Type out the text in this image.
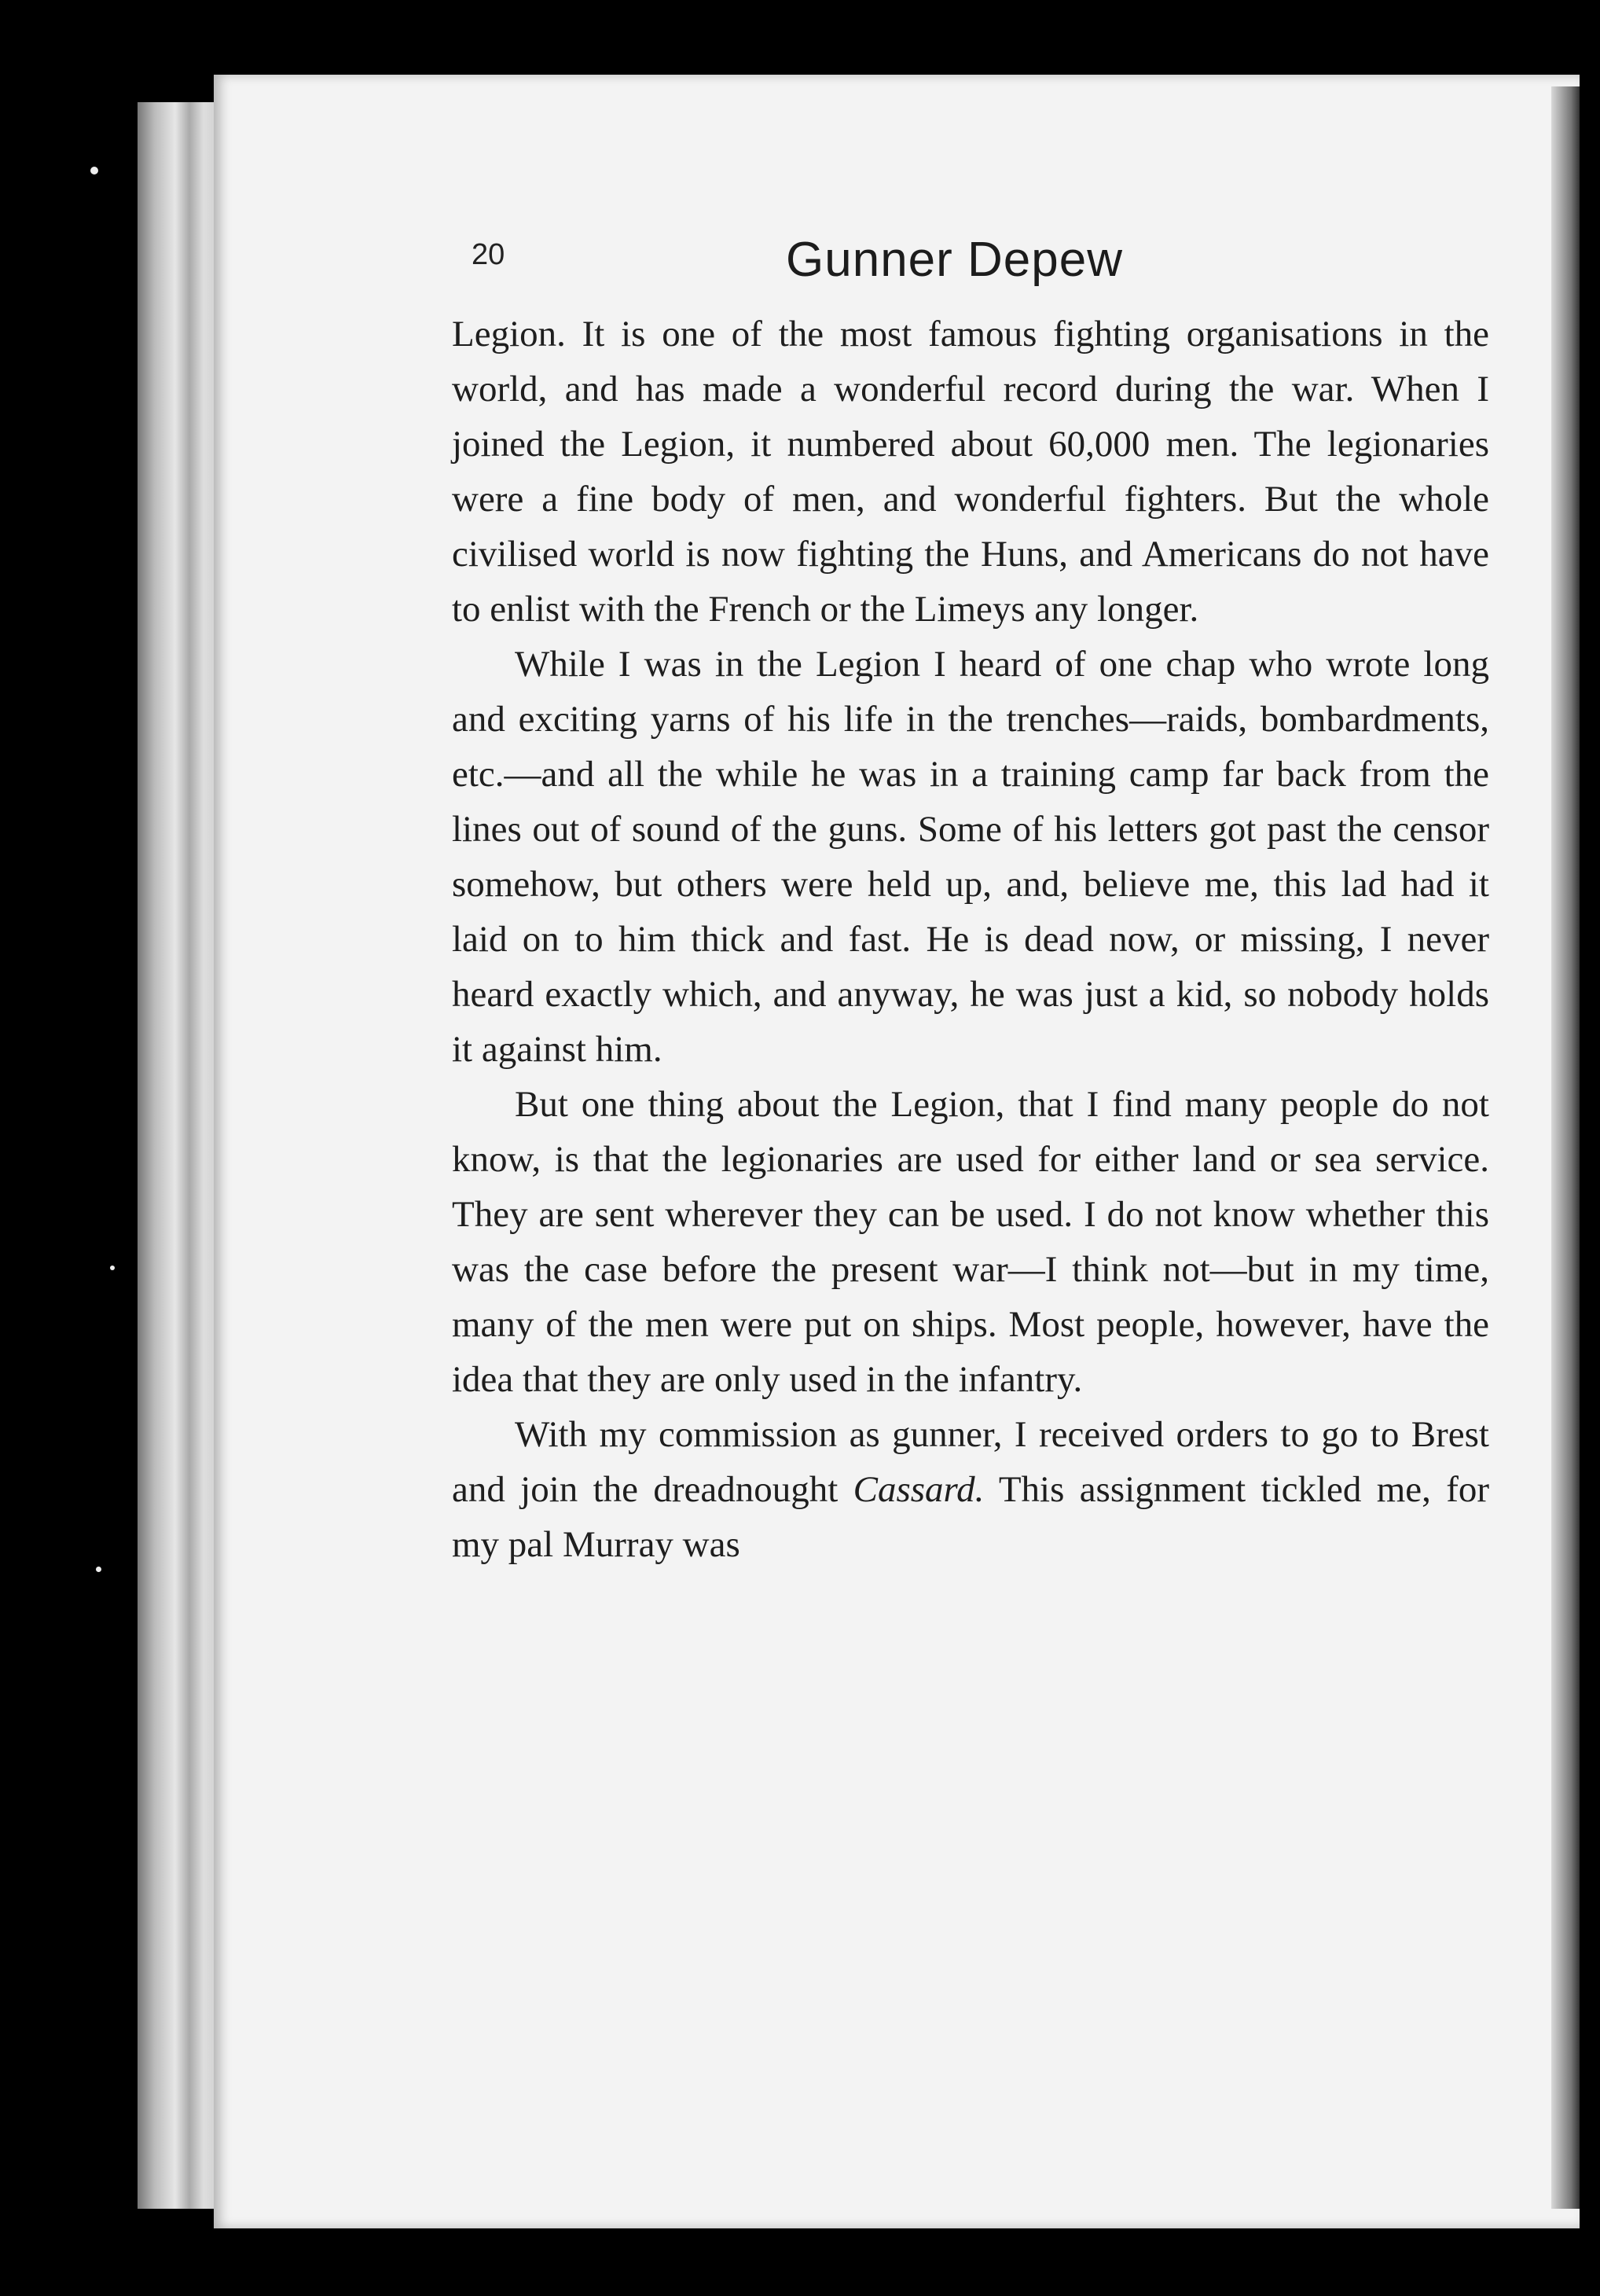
20	Gunner Depew

Legion. It is one of the most famous fighting organisations in the world, and has made a wonderful record during the war. When I joined the Legion, it numbered about 60,000 men. The legionaries were a fine body of men, and wonderful fighters. But the whole civilised world is now fighting the Huns, and Americans do not have to enlist with the French or the Limeys any longer.

While I was in the Legion I heard of one chap who wrote long and exciting yarns of his life in the trenches—raids, bombardments, etc.—and all the while he was in a training camp far back from the lines out of sound of the guns. Some of his letters got past the censor somehow, but others were held up, and, believe me, this lad had it laid on to him thick and fast. He is dead now, or missing, I never heard exactly which, and anyway, he was just a kid, so nobody holds it against him.

But one thing about the Legion, that I find many people do not know, is that the legionaries are used for either land or sea service. They are sent wherever they can be used. I do not know whether this was the case before the present war—I think not—but in my time, many of the men were put on ships. Most people, however, have the idea that they are only used in the infantry.

With my commission as gunner, I received orders to go to Brest and join the dreadnought Cassard. This assignment tickled me, for my pal Murray was
